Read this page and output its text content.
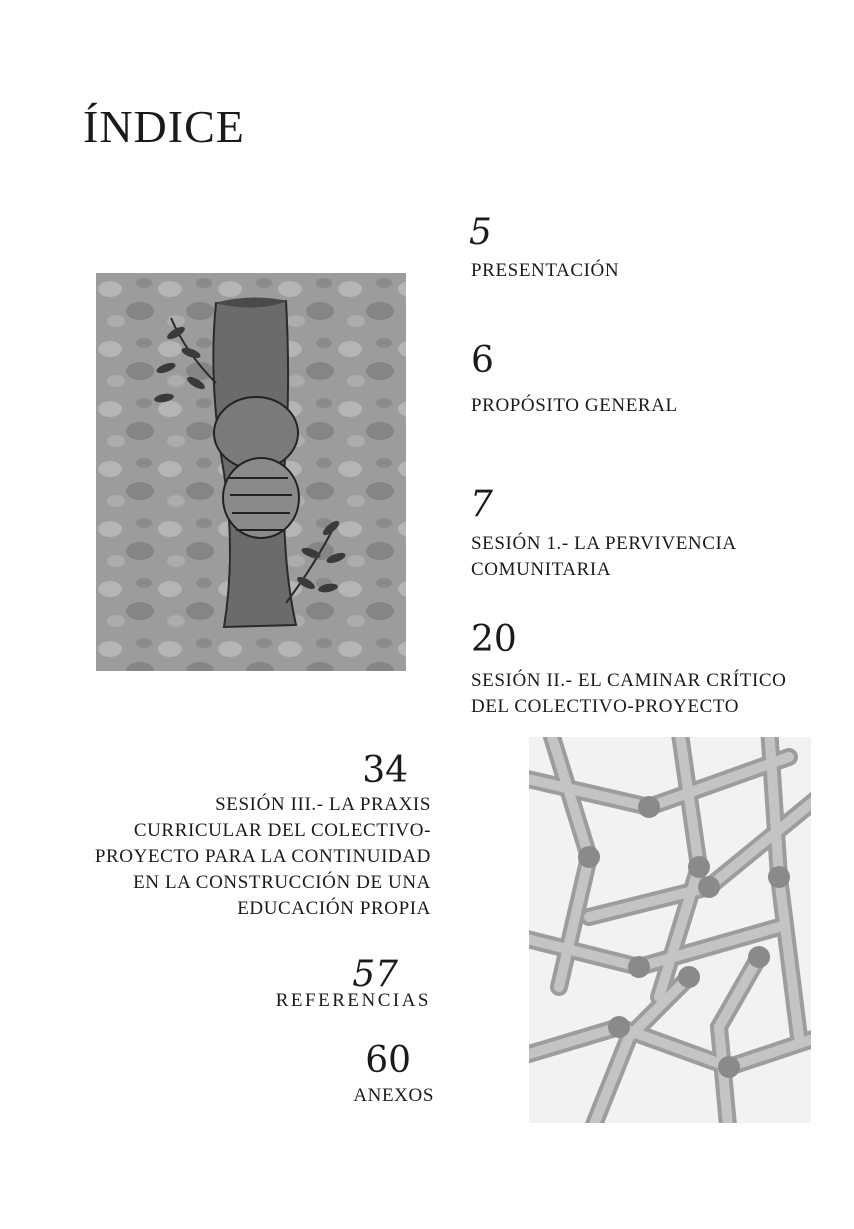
ÍNDICE
5
PRESENTACIÓN
6
PROPÓSITO GENERAL
7
SESIÓN 1.- LA PERVIVENCIA
COMUNITARIA
20
SESIÓN II.- EL CAMINAR CRÍTICO
DEL COLECTIVO-PROYECTO
34
SESIÓN III.- LA PRAXIS
CURRICULAR DEL COLECTIVO-
PROYECTO PARA LA CONTINUIDAD
EN LA CONSTRUCCIÓN DE UNA
EDUCACIÓN PROPIA
57
REFERENCIAS
60
ANEXOS
